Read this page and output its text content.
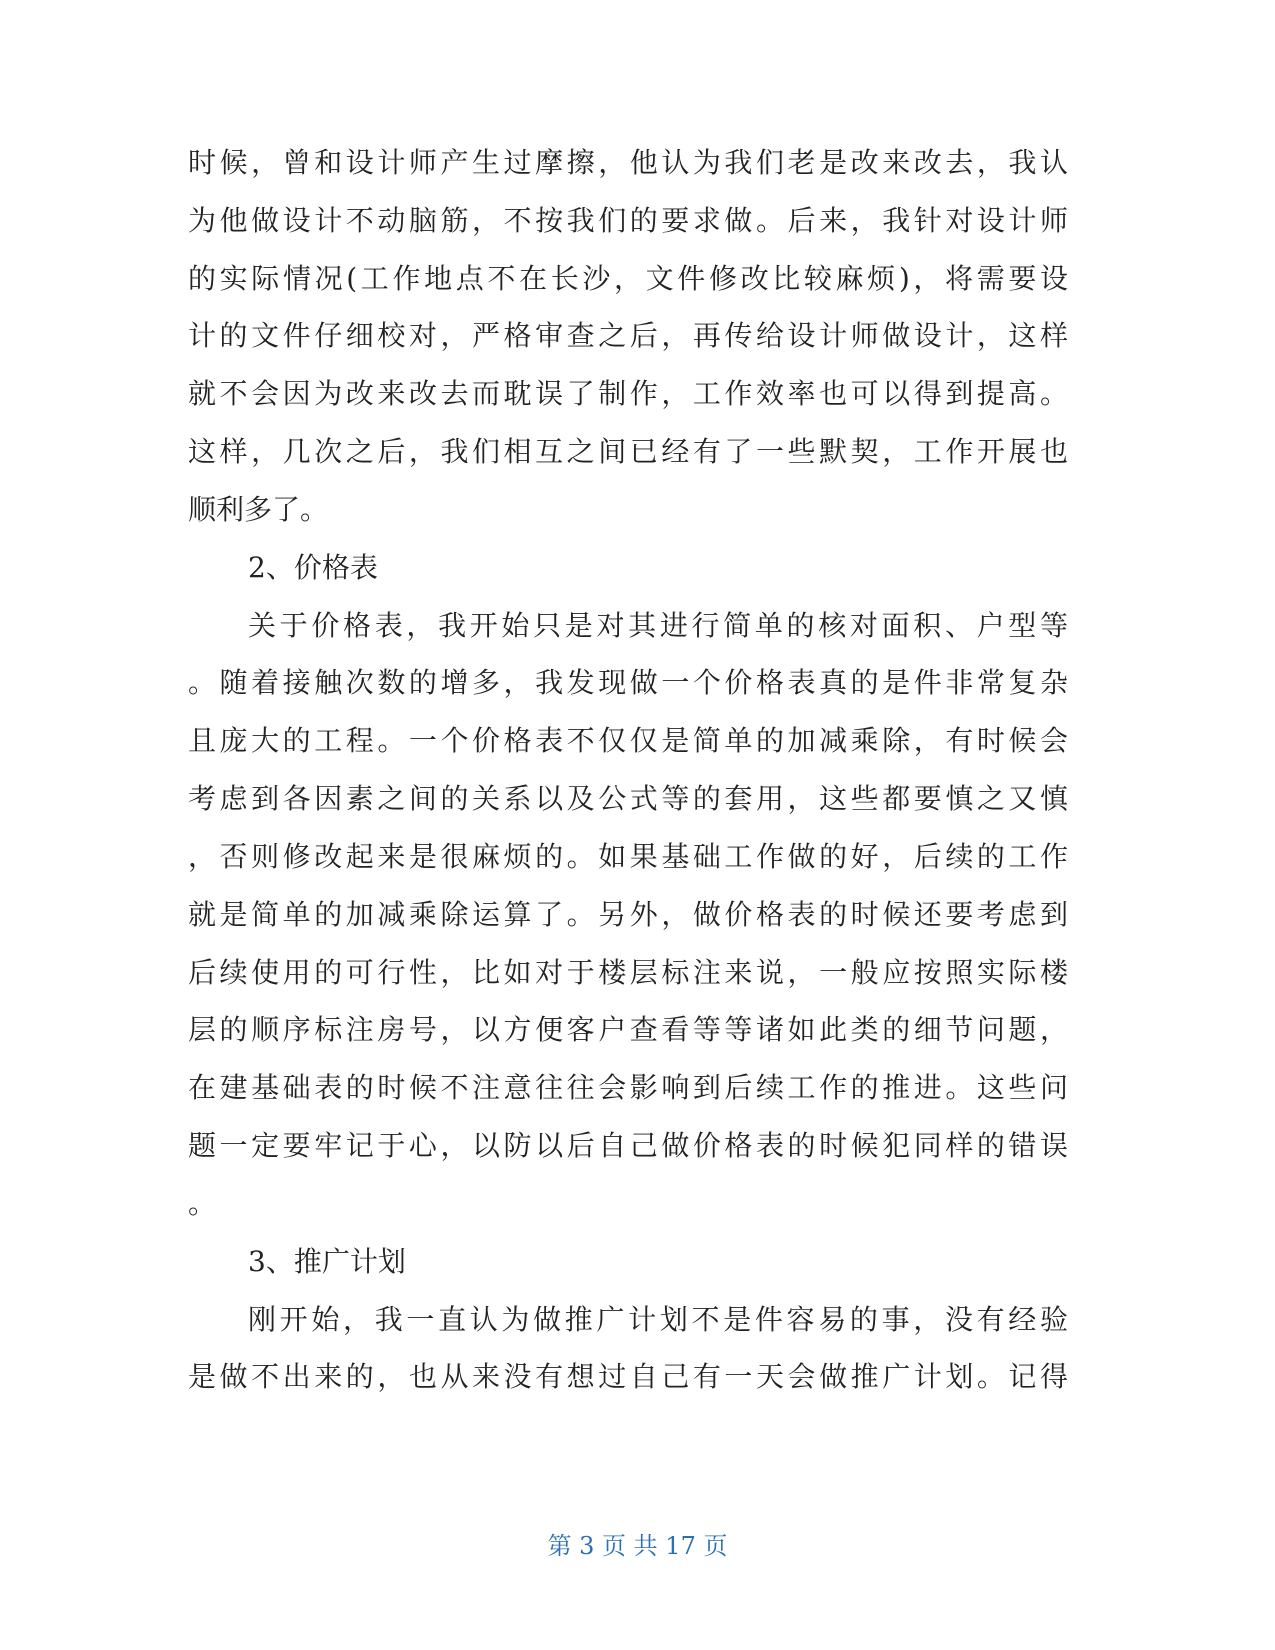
时候，曾和设计师产生过摩擦，他认为我们老是改来改去，我认
为他做设计不动脑筋，不按我们的要求做。后来，我针对设计师
的实际情况(工作地点不在长沙，文件修改比较麻烦)，将需要设
计的文件仔细校对，严格审查之后，再传给设计师做设计，这样
就不会因为改来改去而耽误了制作，工作效率也可以得到提高。
这样，几次之后，我们相互之间已经有了一些默契，工作开展也
顺利多了。
2、价格表
关于价格表，我开始只是对其进行简单的核对面积、户型等
。随着接触次数的增多，我发现做一个价格表真的是件非常复杂
且庞大的工程。一个价格表不仅仅是简单的加减乘除，有时候会
考虑到各因素之间的关系以及公式等的套用，这些都要慎之又慎
，否则修改起来是很麻烦的。如果基础工作做的好，后续的工作
就是简单的加减乘除运算了。另外，做价格表的时候还要考虑到
后续使用的可行性，比如对于楼层标注来说，一般应按照实际楼
层的顺序标注房号，以方便客户查看等等诸如此类的细节问题，
在建基础表的时候不注意往往会影响到后续工作的推进。这些问
题一定要牢记于心，以防以后自己做价格表的时候犯同样的错误
。
3、推广计划
刚开始，我一直认为做推广计划不是件容易的事，没有经验
是做不出来的，也从来没有想过自己有一天会做推广计划。记得
第 3 页 共 17 页
